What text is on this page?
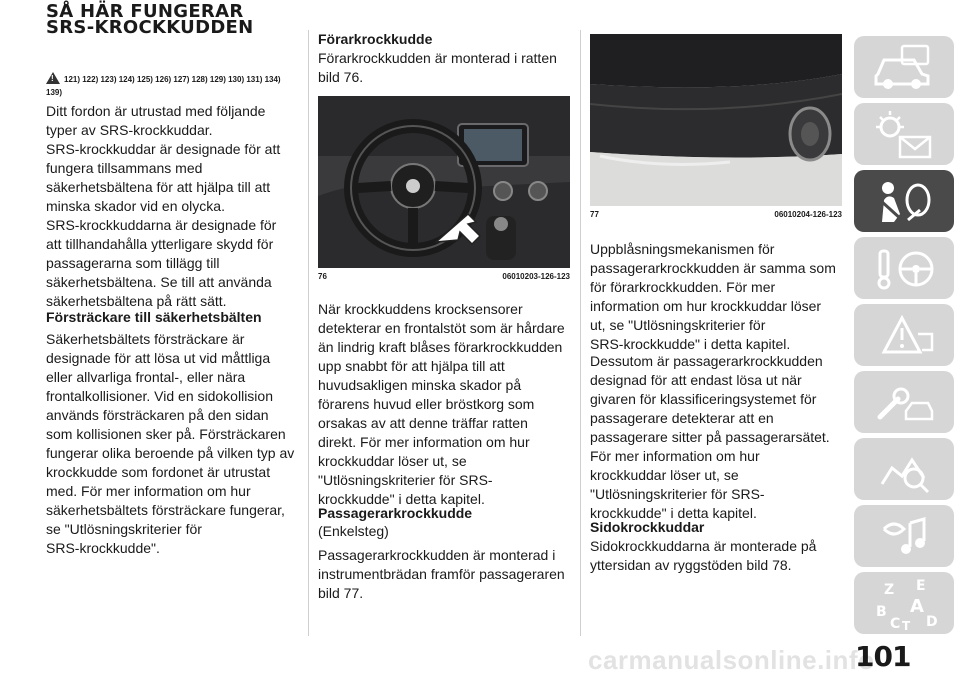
SÅ HÄR FUNGERAR
SRS-KROCKKUDDEN
! 121) 122) 123) 124) 125) 126) 127) 128) 129) 130) 131) 134)
139)

Ditt fordon är utrustad med följande

typer av SRS-krockkuddar.

SRS-krockkuddar är designade för att

fungera tillsammans med

säkerhetsbältena för att hjälpa till att

minska skador vid en olycka.

SRS-krockkuddarna är designade för

att tillhandahålla ytterligare skydd för

passagerarna som tillägg till

säkerhetsbältena. Se till att använda

säkerhetsbältena på rätt sätt.

Försträckare till säkerhetsbälten

Säkerhetsbältets försträckare är

designade för att lösa ut vid måttliga

eller allvarliga frontal-, eller nära

frontalkollisioner. Vid en sidokollision

används försträckaren på den sidan

som kollisionen sker på. Försträckaren

fungerar olika beroende på vilken typ av

krockkudde som fordonet är utrustat

med. För mer information om hur

säkerhetsbältets försträckare fungerar,

se "Utlösningskriterier för

SRS-krockkudde".

Förarkrockkudde

Förarkrockkudden är monterad i ratten

bild 76.

76	06010203-126-123

När krockkuddens krocksensorer

detekterar en frontalstöt som är hårdare

än lindrig kraft blåses förarkrockkudden

upp snabbt för att hjälpa till att

huvudsakligen minska skador på

förarens huvud eller bröstkorg som

orsakas av att denne träffar ratten

direkt. För mer information om hur

krockkuddar löser ut, se

"Utlösningskriterier för SRS-

krockkudde" i detta kapitel.

Passagerarkrockkudde

(Enkelsteg)

Passagerarkrockkudden är monterad i

instrumentbrädan framför passageraren

bild 77.

77	06010204-126-123

Uppblåsningsmekanismen för

passagerarkrockkudden är samma som

för förarkrockkudden. För mer

information om hur krockkuddar löser

ut, se "Utlösningskriterier för

SRS-krockkudde" i detta kapitel.

Dessutom är passagerarkrockkudden

designad för att endast lösa ut när

givaren för klassificeringsystemet för

passagerare detekterar att en

passagerare sitter på passagerarsätet.

För mer information om hur

krockkuddar löser ut, se

"Utlösningskriterier för SRS-

krockkudde" i detta kapitel.

Sidokrockkuddar

Sidokrockkuddarna är monterade på

yttersidan av ryggstöden bild 78.

Z E
B A
C T D
carmanualsonline.info
101
